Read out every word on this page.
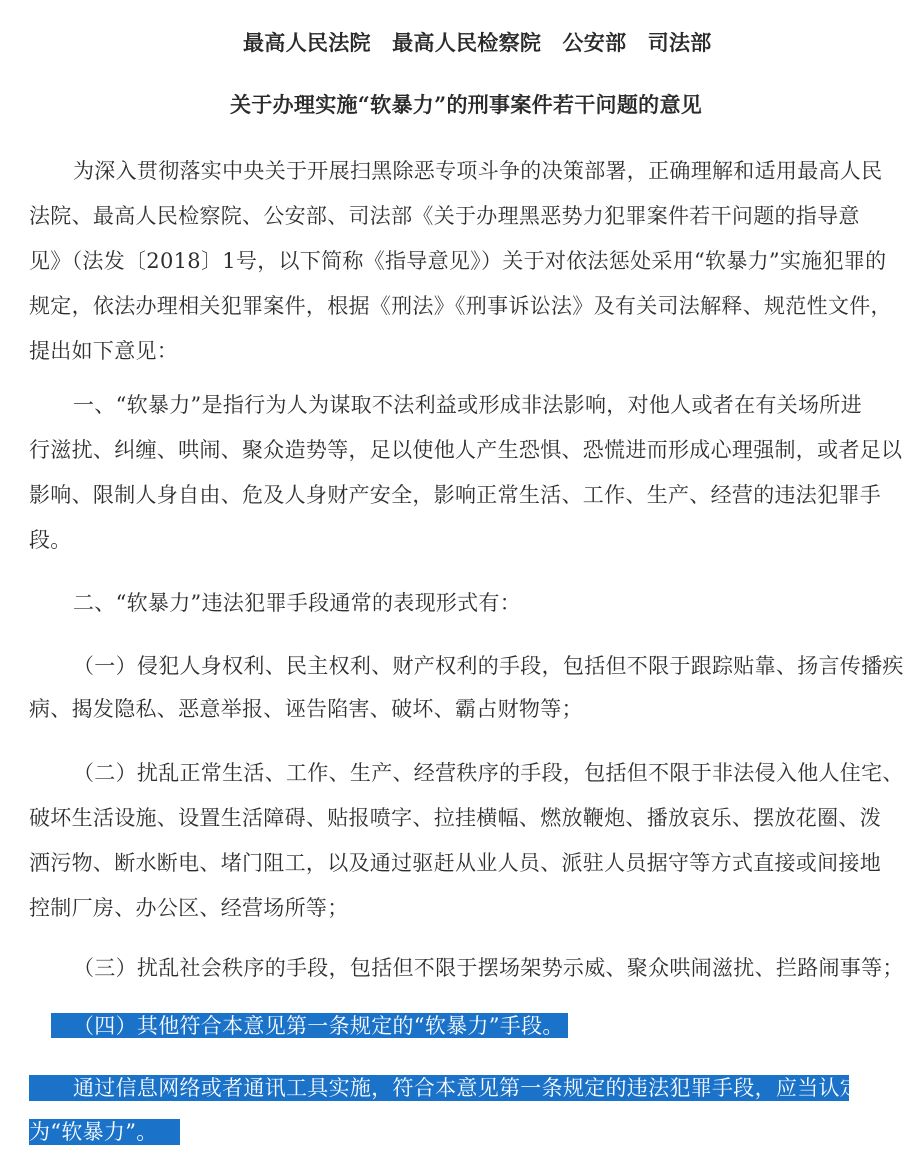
最高人民法院　最高人民检察院　公安部　司法部
关于办理实施“软暴力”的刑事案件若干问题的意见
为深入贯彻落实中央关于开展扫黑除恶专项斗争的决策部署，正确理解和适用最高人民
法院、最高人民检察院、公安部、司法部《关于办理黑恶势力犯罪案件若干问题的指导意
见》（法发〔2018〕1号，以下简称《指导意见》）关于对依法惩处采用“软暴力”实施犯罪的
规定，依法办理相关犯罪案件，根据《刑法》《刑事诉讼法》及有关司法解释、规范性文件，
提出如下意见：
一、“软暴力”是指行为人为谋取不法利益或形成非法影响，对他人或者在有关场所进
行滋扰、纠缠、哄闹、聚众造势等，足以使他人产生恐惧、恐慌进而形成心理强制，或者足以
影响、限制人身自由、危及人身财产安全，影响正常生活、工作、生产、经营的违法犯罪手
段。
二、“软暴力”违法犯罪手段通常的表现形式有：
（一）侵犯人身权利、民主权利、财产权利的手段，包括但不限于跟踪贴靠、扬言传播疾
病、揭发隐私、恶意举报、诬告陷害、破坏、霸占财物等；
（二）扰乱正常生活、工作、生产、经营秩序的手段，包括但不限于非法侵入他人住宅、
破坏生活设施、设置生活障碍、贴报喷字、拉挂横幅、燃放鞭炮、播放哀乐、摆放花圈、泼
洒污物、断水断电、堵门阻工，以及通过驱赶从业人员、派驻人员据守等方式直接或间接地
控制厂房、办公区、经营场所等；
（三）扰乱社会秩序的手段，包括但不限于摆场架势示威、聚众哄闹滋扰、拦路闹事等；
（四）其他符合本意见第一条规定的“软暴力”手段。
通过信息网络或者通讯工具实施，符合本意见第一条规定的违法犯罪手段，应当认定
为“软暴力”。
